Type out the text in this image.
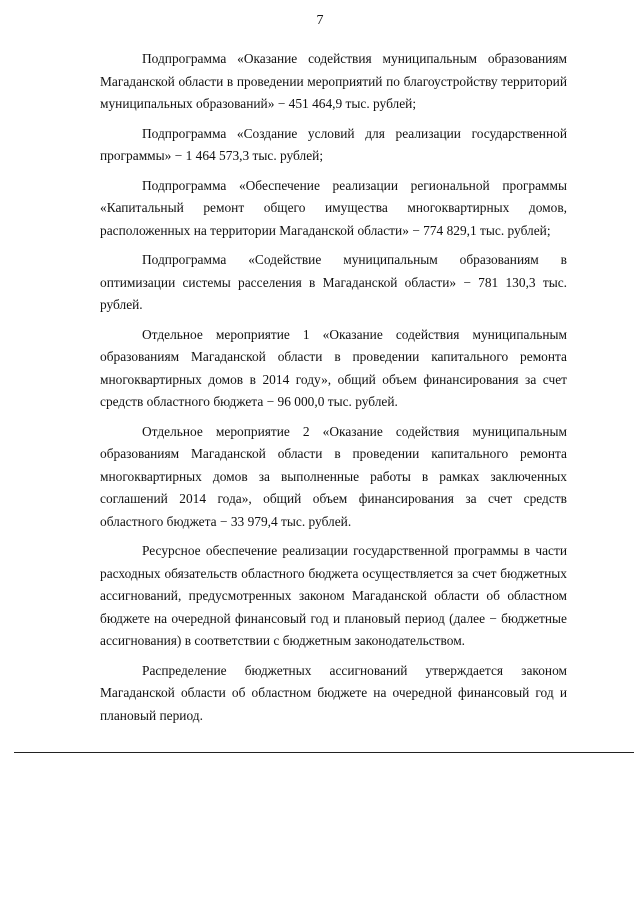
7

Подпрограмма «Оказание содействия муниципальным образованиям Магаданской области в проведении мероприятий по благоустройству территорий муниципальных образований» − 451 464,9 тыс. рублей;

Подпрограмма «Создание условий для реализации государственной программы» − 1 464 573,3 тыс. рублей;

Подпрограмма «Обеспечение реализации региональной программы «Капитальный ремонт общего имущества многоквартирных домов, расположенных на территории Магаданской области» − 774 829,1 тыс. рублей;

Подпрограмма «Содействие муниципальным образованиям в оптимизации системы расселения в Магаданской области» − 781 130,3 тыс. рублей.

Отдельное мероприятие 1 «Оказание содействия муниципальным образованиям Магаданской области в проведении капитального ремонта многоквартирных домов в 2014 году», общий объем финансирования за счет средств областного бюджета − 96 000,0 тыс. рублей.

Отдельное мероприятие 2 «Оказание содействия муниципальным образованиям Магаданской области в проведении капитального ремонта многоквартирных домов за выполненные работы в рамках заключенных соглашений 2014 года», общий объем финансирования за счет средств областного бюджета − 33 979,4 тыс. рублей.

Ресурсное обеспечение реализации государственной программы в части расходных обязательств областного бюджета осуществляется за счет бюджетных ассигнований, предусмотренных законом Магаданской области об областном бюджете на очередной финансовый год и плановый период (далее − бюджетные ассигнования) в соответствии с бюджетным законодательством.

Распределение бюджетных ассигнований утверждается законом Магаданской области об областном бюджете на очередной финансовый год и плановый период.
